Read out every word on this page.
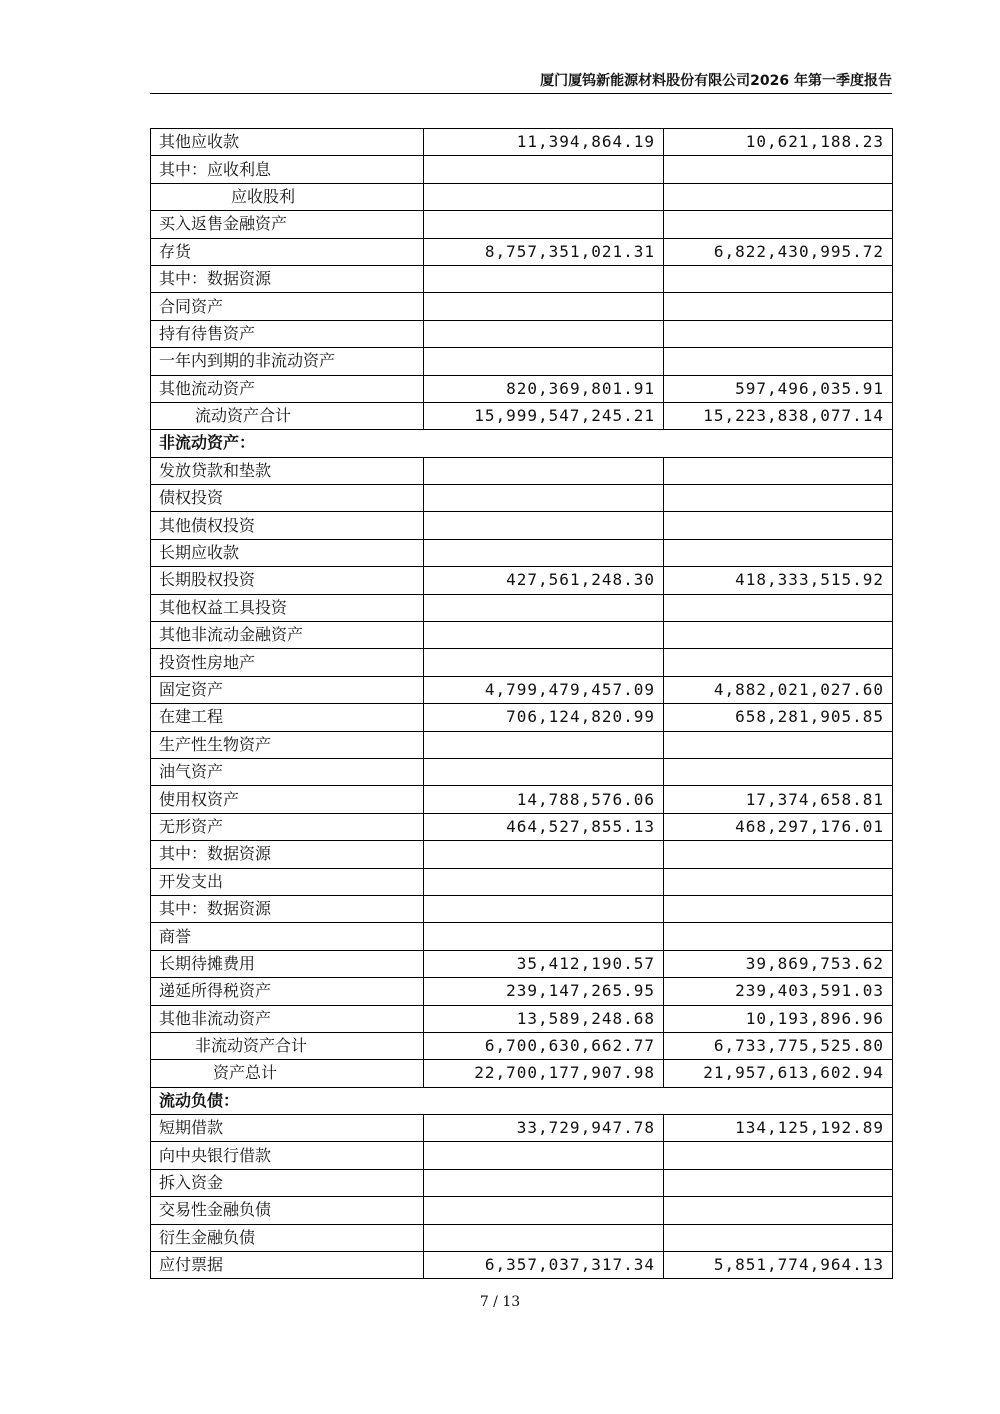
厦门厦钨新能源材料股份有限公司2026 年第一季度报告
其他应收款	11,394,864.19	10,621,188.23
其中：应收利息		
应收股利		
买入返售金融资产		
存货	8,757,351,021.31	6,822,430,995.72
其中：数据资源		
合同资产		
持有待售资产		
一年内到期的非流动资产		
其他流动资产	820,369,801.91	597,496,035.91
流动资产合计	15,999,547,245.21	15,223,838,077.14
非流动资产：		
发放贷款和垫款		
债权投资		
其他债权投资		
长期应收款		
长期股权投资	427,561,248.30	418,333,515.92
其他权益工具投资		
其他非流动金融资产		
投资性房地产		
固定资产	4,799,479,457.09	4,882,021,027.60
在建工程	706,124,820.99	658,281,905.85
生产性生物资产		
油气资产		
使用权资产	14,788,576.06	17,374,658.81
无形资产	464,527,855.13	468,297,176.01
其中：数据资源		
开发支出		
其中：数据资源		
商誉		
长期待摊费用	35,412,190.57	39,869,753.62
递延所得税资产	239,147,265.95	239,403,591.03
其他非流动资产	13,589,248.68	10,193,896.96
非流动资产合计	6,700,630,662.77	6,733,775,525.80
资产总计	22,700,177,907.98	21,957,613,602.94
流动负债：		
短期借款	33,729,947.78	134,125,192.89
向中央银行借款		
拆入资金		
交易性金融负债		
衍生金融负债		
应付票据	6,357,037,317.34	5,851,774,964.13
7 / 13
